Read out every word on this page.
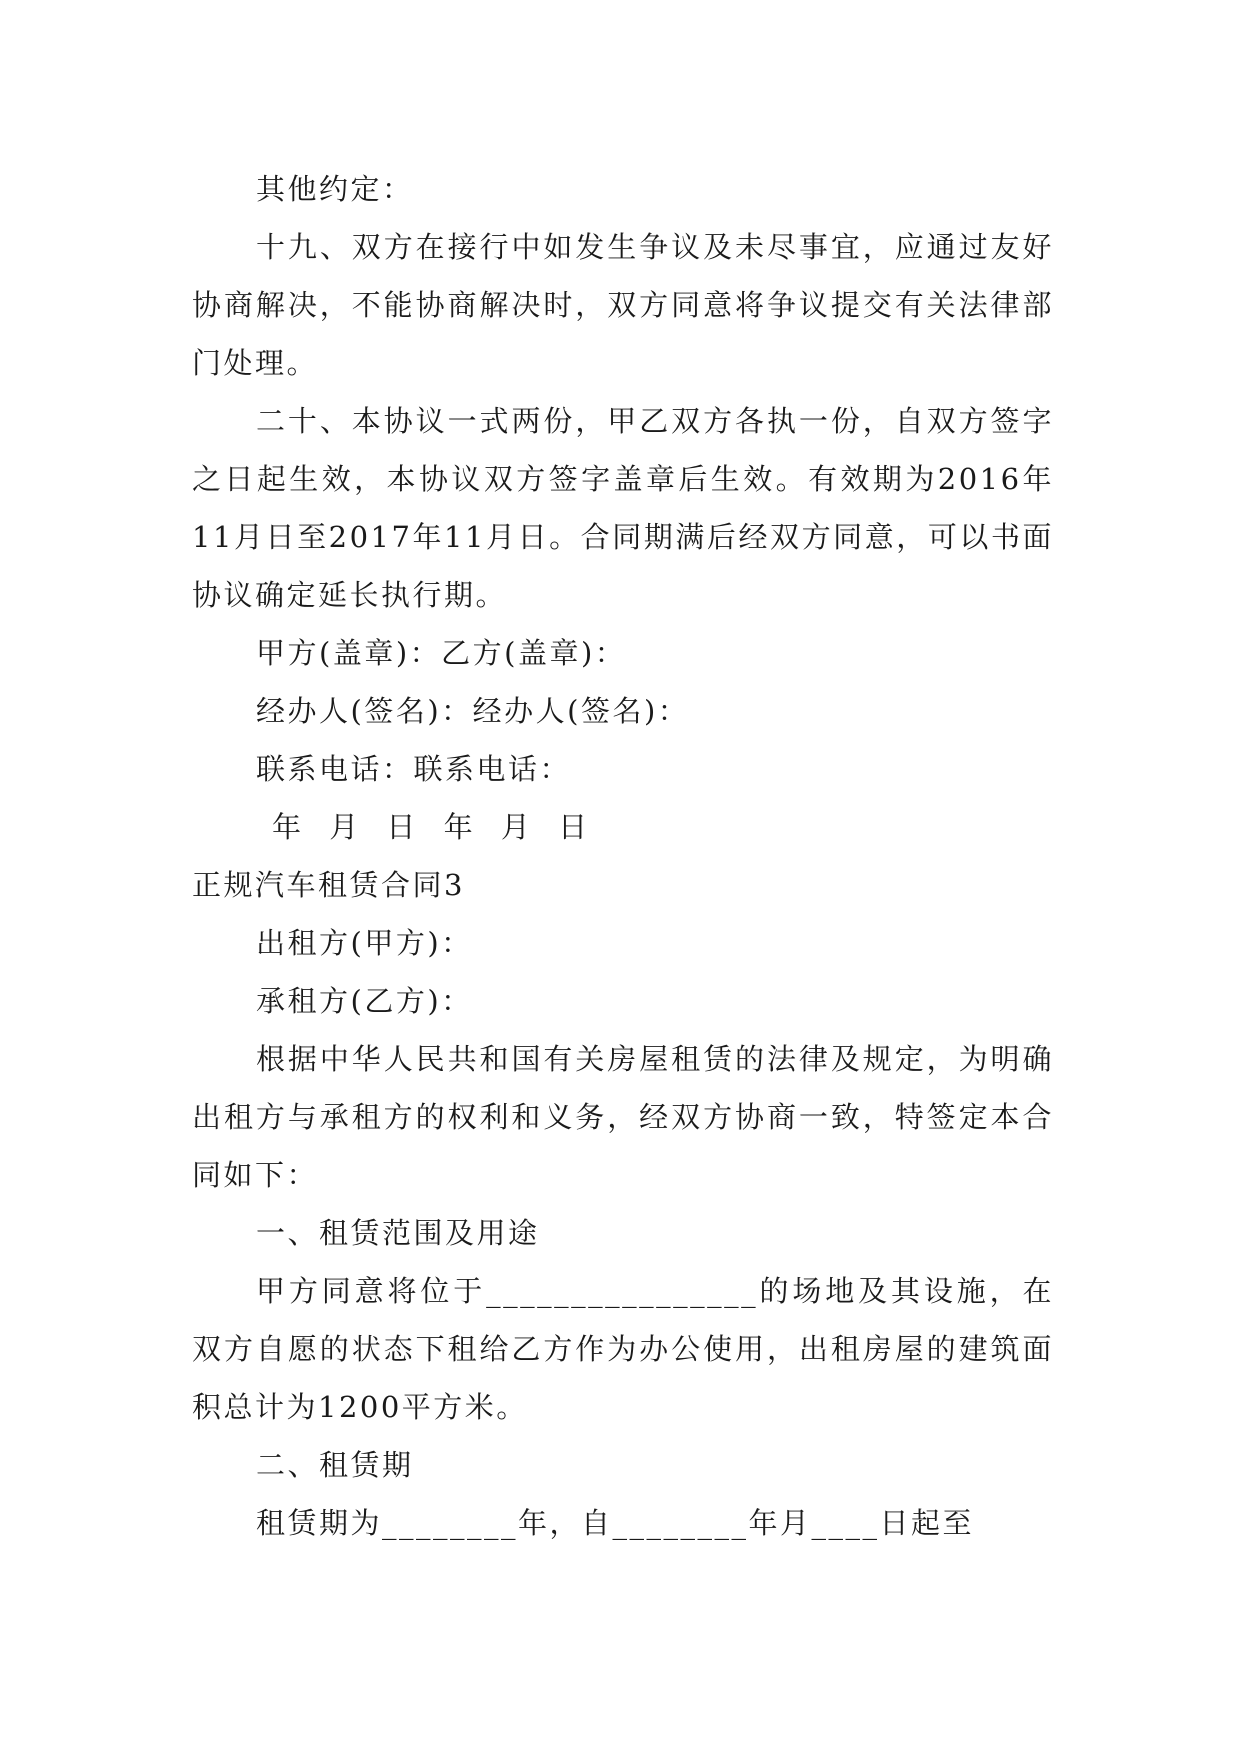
其他约定：

十九、双方在接行中如发生争议及未尽事宜，应通过友好协商解决，不能协商解决时，双方同意将争议提交有关法律部门处理。

二十、本协议一式两份，甲乙双方各执一份，自双方签字之日起生效，本协议双方签字盖章后生效。有效期为2016年11月日至2017年11月日。合同期满后经双方同意，可以书面协议确定延长执行期。

甲方(盖章)：乙方(盖章)：

经办人(签名)：经办人(签名)：

联系电话：联系电话：

年 月 日 年 月 日

正规汽车租赁合同3

出租方(甲方)：

承租方(乙方)：

根据中华人民共和国有关房屋租赁的法律及规定，为明确出租方与承租方的权利和义务，经双方协商一致，特签定本合同如下：

一、租赁范围及用途

甲方同意将位于________________的场地及其设施，在双方自愿的状态下租给乙方作为办公使用，出租房屋的建筑面积总计为1200平方米。

二、租赁期

租赁期为________年，自________年月____日起至
